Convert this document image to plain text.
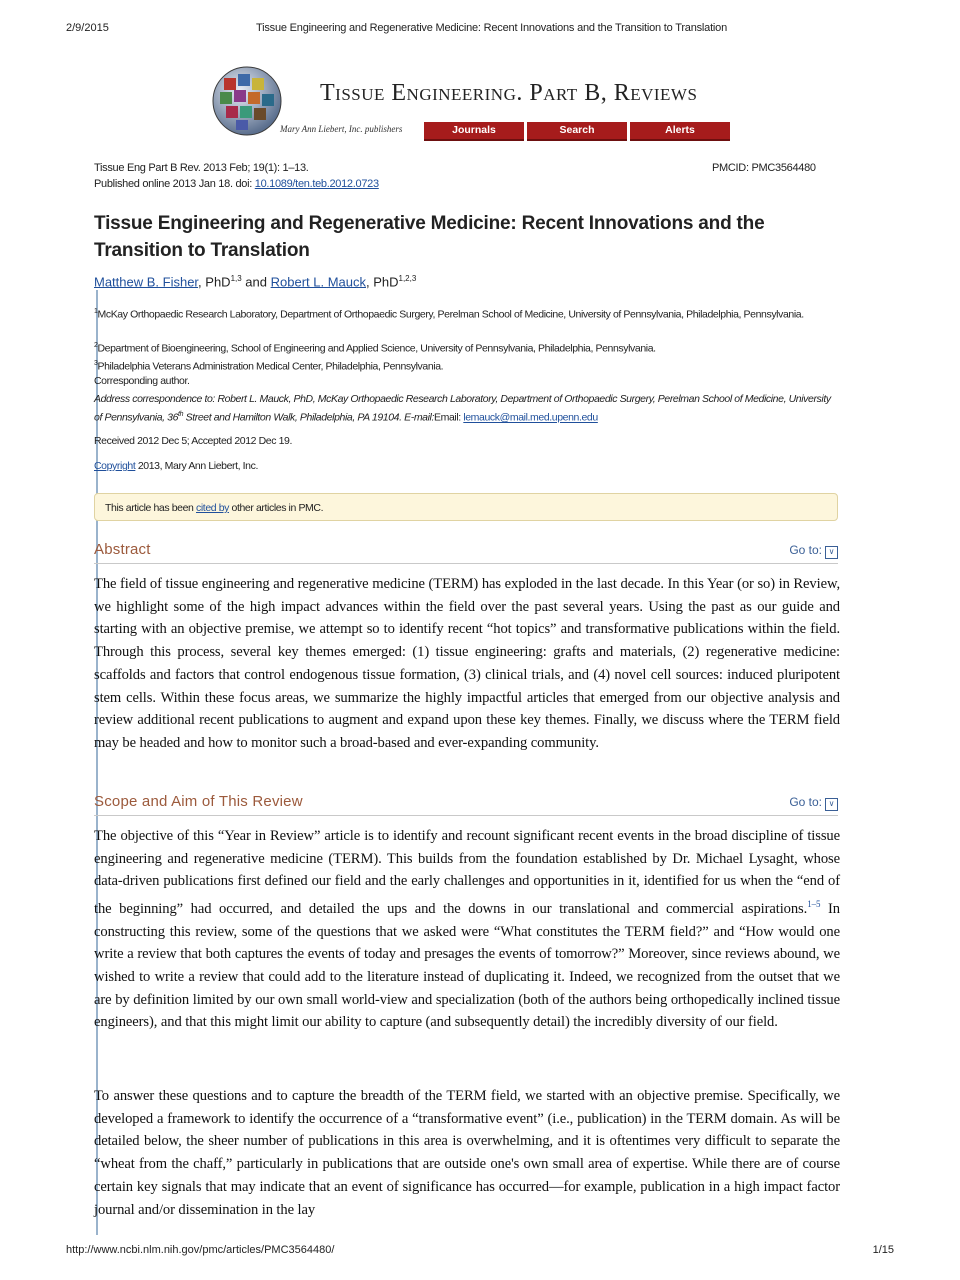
2/9/2015	Tissue Engineering and Regenerative Medicine: Recent Innovations and the Transition to Translation
Tissue Engineering. Part B, Reviews
Mary Ann Liebert, Inc. publishers	Journals	Search	Alerts
Tissue Eng Part B Rev. 2013 Feb; 19(1): 1–13.
Published online 2013 Jan 18. doi: 10.1089/ten.teb.2012.0723
PMCID: PMC3564480
Tissue Engineering and Regenerative Medicine: Recent Innovations and the Transition to Translation
Matthew B. Fisher, PhD$^{1,3}$ and Robert L. Mauck, PhD$^{1,2,3}$
$^1$McKay Orthopaedic Research Laboratory, Department of Orthopaedic Surgery, Perelman School of Medicine, University of Pennsylvania, Philadelphia, Pennsylvania.
$^2$Department of Bioengineering, School of Engineering and Applied Science, University of Pennsylvania, Philadelphia, Pennsylvania.
$^3$Philadelphia Veterans Administration Medical Center, Philadelphia, Pennsylvania.
Corresponding author.
Address correspondence to: Robert L. Mauck, PhD, McKay Orthopaedic Research Laboratory, Department of Orthopaedic Surgery, Perelman School of Medicine, University of Pennsylvania, 36th Street and Hamilton Walk, Philadelphia, PA 19104. E-mail:Email: lemauck@mail.med.upenn.edu
Received 2012 Dec 5; Accepted 2012 Dec 19.
Copyright 2013, Mary Ann Liebert, Inc.
This article has been cited by other articles in PMC.
Abstract	Go to: ∨
The field of tissue engineering and regenerative medicine (TERM) has exploded in the last decade. In this Year (or so) in Review, we highlight some of the high impact advances within the field over the past several years. Using the past as our guide and starting with an objective premise, we attempt so to identify recent “hot topics” and transformative publications within the field. Through this process, several key themes emerged: (1) tissue engineering: grafts and materials, (2) regenerative medicine: scaffolds and factors that control endogenous tissue formation, (3) clinical trials, and (4) novel cell sources: induced pluripotent stem cells. Within these focus areas, we summarize the highly impactful articles that emerged from our objective analysis and review additional recent publications to augment and expand upon these key themes. Finally, we discuss where the TERM field may be headed and how to monitor such a broad-based and ever-expanding community.
Scope and Aim of This Review	Go to: ∨
The objective of this “Year in Review” article is to identify and recount significant recent events in the broad discipline of tissue engineering and regenerative medicine (TERM). This builds from the foundation established by Dr. Michael Lysaght, whose data-driven publications first defined our field and the early challenges and opportunities in it, identified for us when the “end of the beginning” had occurred, and detailed the ups and the downs in our translational and commercial aspirations.$^{1-5}$ In constructing this review, some of the questions that we asked were “What constitutes the TERM field?” and “How would one write a review that both captures the events of today and presages the events of tomorrow?” Moreover, since reviews abound, we wished to write a review that could add to the literature instead of duplicating it. Indeed, we recognized from the outset that we are by definition limited by our own small world-view and specialization (both of the authors being orthopedically inclined tissue engineers), and that this might limit our ability to capture (and subsequently detail) the incredibly diversity of our field.
To answer these questions and to capture the breadth of the TERM field, we started with an objective premise. Specifically, we developed a framework to identify the occurrence of a “transformative event” (i.e., publication) in the TERM domain. As will be detailed below, the sheer number of publications in this area is overwhelming, and it is oftentimes very difficult to separate the “wheat from the chaff,” particularly in publications that are outside one's own small area of expertise. While there are of course certain key signals that may indicate that an event of significance has occurred—for example, publication in a high impact factor journal and/or dissemination in the lay
http://www.ncbi.nlm.nih.gov/pmc/articles/PMC3564480/	1/15
